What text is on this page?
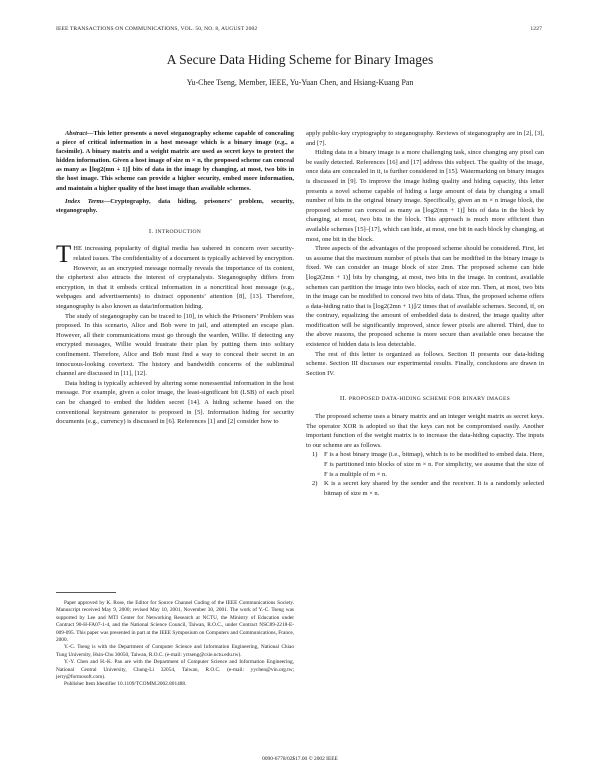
IEEE TRANSACTIONS ON COMMUNICATIONS, VOL. 50, NO. 8, AUGUST 2002	1227
A Secure Data Hiding Scheme for Binary Images
Yu-Chee Tseng, Member, IEEE, Yu-Yuan Chen, and Hsiang-Kuang Pan

Abstract—This letter presents a novel steganography scheme capable of concealing a piece of critical information in a host message which is a binary image (e.g., a facsimile). A binary matrix and a weight matrix are used as secret keys to protect the hidden information. Given a host image of size m × n, the proposed scheme can conceal as many as ⌊log2(mn + 1)⌋ bits of data in the image by changing, at most, two bits in the host image. This scheme can provide a higher security, embed more information, and maintain a higher quality of the host image than available schemes.

Index Terms—Cryptography, data hiding, prisoners’ problem, security, steganography.

I. INTRODUCTION

THE increasing popularity of digital media has ushered in concern over security-related issues. The confidentiality of a document is typically achieved by encryption. However, as an encrypted message normally reveals the importance of its content, the ciphertext also attracts the interest of cryptanalysts. Steganography differs from encryption, in that it embeds critical information in a noncritical host message (e.g., webpages and advertisements) to distract opponents’ attention [8], [13]. Therefore, steganography is also known as data/information hiding.

The study of steganography can be traced to [10], in which the Prisoners’ Problem was proposed. In this scenario, Alice and Bob were in jail, and attempted an escape plan. However, all their communications must go through the warden, Willie. If detecting any encrypted messages, Willie would frustrate their plan by putting them into solitary confinement. Therefore, Alice and Bob must find a way to conceal their secret in an innocuous-looking covertext. The history and bandwidth concerns of the subliminal channel are discussed in [11], [12].

Data hiding is typically achieved by altering some nonessential information in the host message. For example, given a color image, the least-significant bit (LSB) of each pixel can be changed to embed the hidden secret [14]. A hiding scheme based on the conventional keystream generator is proposed in [5]. Information hiding for security documents (e.g., currency) is discussed in [6]. References [1] and [2] consider how to

Paper approved by K. Rose, the Editor for Source Channel Coding of the IEEE Communications Society. Manuscript received May 9, 2000; revised May 10, 2001, November 30, 2001. The work of Y.-C. Tseng was supported by Lee and MTI Center for Networking Research at NCTU, the Ministry of Education under Contract 90-H-FA07-1-4, and the National Science Council, Taiwan, R.O.C., under Contract NSC89-2218-E-009-095. This paper was presented in part at the IEEE Symposium on Computers and Communications, France, 2000.

Y.-C. Tseng is with the Department of Computer Science and Information Engineering, National Chiao Tung University, Hsin-Chu 30050, Taiwan, R.O.C. (e-mail: yctseng@csie.nctu.edu.tw).

Y.-Y. Chen and H.-K. Pan are with the Department of Computer Science and Information Engineering, National Central University, Chung-Li 32054, Taiwan, R.O.C. (e-mail: yychen@vin.org.tw; jerry@formosoft.com).

Publisher Item Identifier 10.1109/TCOMM.2002.801488.

apply public-key cryptography to steganography. Reviews of steganography are in [2], [3], and [7].

Hiding data in a binary image is a more challenging task, since changing any pixel can be easily detected. References [16] and [17] address this subject. The quality of the image, once data are concealed in it, is further considered in [15]. Watermarking on binary images is discussed in [9]. To improve the image hiding quality and hiding capacity, this letter presents a novel scheme capable of hiding a large amount of data by changing a small number of bits in the original binary image. Specifically, given an m × n image block, the proposed scheme can conceal as many as ⌊log2(mn + 1)⌋ bits of data in the block by changing, at most, two bits in the block. This approach is much more efficient than available schemes [15]–[17], which can hide, at most, one bit in each block by changing, at most, one bit in the block.

Three aspects of the advantages of the proposed scheme should be considered. First, let us assume that the maximum number of pixels that can be modified in the binary image is fixed. We can consider an image block of size 2mn. The proposed scheme can hide ⌊log2(2mn + 1)⌋ bits by changing, at most, two bits in the image. In contrast, available schemes can partition the image into two blocks, each of size mn. Then, at most, two bits in the image can be modified to conceal two bits of data. Thus, the proposed scheme offers a data-hiding ratio that is ⌊log2(2mn + 1)⌋/2 times that of available schemes. Second, if, on the contrary, equalizing the amount of embedded data is desired, the image quality after modification will be significantly improved, since fewer pixels are altered. Third, due to the above reasons, the proposed scheme is more secure than available ones because the existence of hidden data is less detectable.

The rest of this letter is organized as follows. Section II presents our data-hiding scheme. Section III discusses our experimental results. Finally, conclusions are drawn in Section IV.

II. PROPOSED DATA-HIDING SCHEME FOR BINARY IMAGES

The proposed scheme uses a binary matrix and an integer weight matrix as secret keys. The operator XOR is adopted so that the keys can not be compromised easily. Another important function of the weight matrix is to increase the data-hiding capacity. The inputs to our scheme are as follows.

1) F is a host binary image (i.e., bitmap), which is to be modified to embed data. Here, F is partitioned into blocks of size m × n. For simplicity, we assume that the size of F is a multiple of m × n.
2) K is a secret key shared by the sender and the receiver. It is a randomly selected bitmap of size m × n.
0090-6778/02$17.00 © 2002 IEEE
